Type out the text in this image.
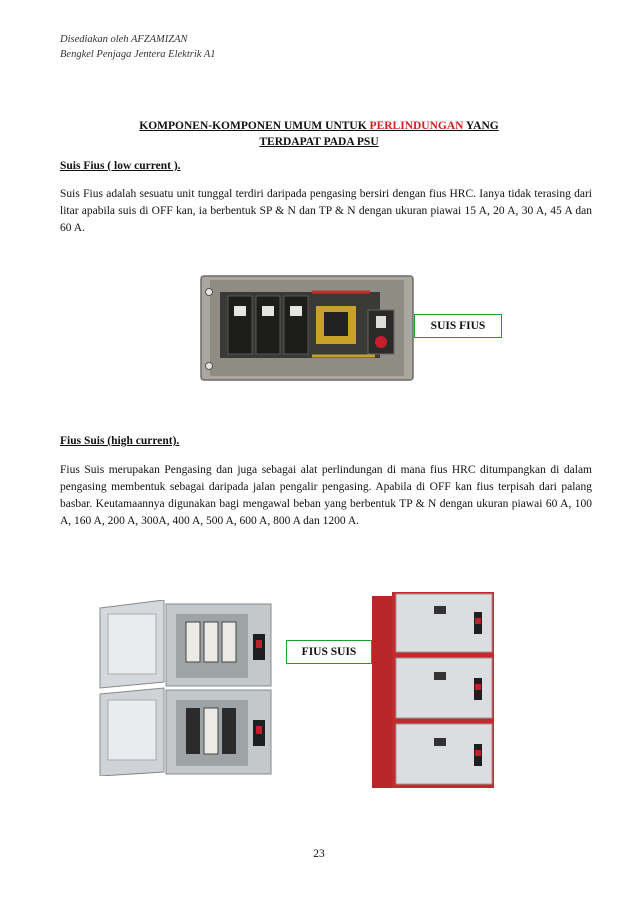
Disediakan oleh AFZAMIZAN
Bengkel Penjaga Jentera Elektrik A1
KOMPONEN-KOMPONEN UMUM UNTUK PERLINDUNGAN YANG
TERDAPAT PADA PSU
Suis Fius ( low current ).
Suis Fius adalah sesuatu unit tunggal terdiri daripada pengasing bersiri dengan fius HRC. Ianya tidak terasing dari litar apabila suis di OFF kan, ia berbentuk SP & N dan TP & N dengan ukuran piawai 15 A, 20 A, 30 A, 45 A dan 60 A.
SUIS FIUS
Fius Suis (high current).
Fius Suis merupakan Pengasing dan juga sebagai alat perlindungan di mana fius HRC ditumpangkan di dalam pengasing membentuk sebagai daripada jalan pengalir pengasing. Apabila di OFF kan fius terpisah dari palang basbar. Keutamaannya digunakan bagi mengawal beban yang berbentuk TP & N dengan ukuran piawai 60 A, 100 A, 160 A, 200 A, 300A, 400 A, 500 A, 600 A, 800 A dan 1200 A.
FIUS SUIS
23
